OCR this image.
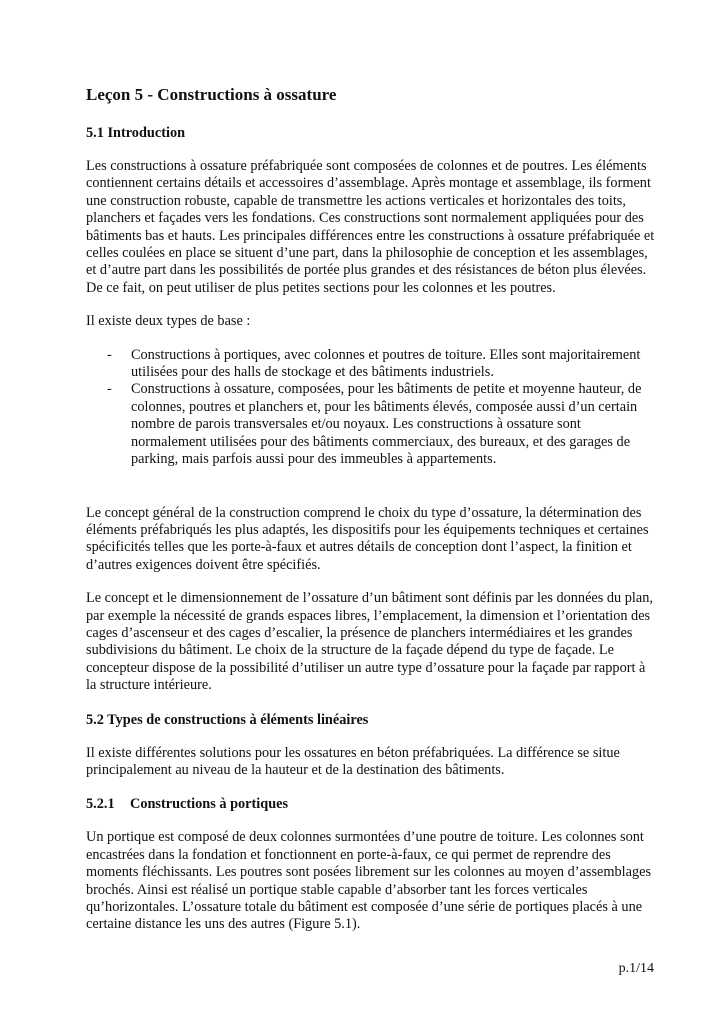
Leçon 5 - Constructions à ossature
5.1 Introduction

Les constructions à ossature préfabriquée sont composées de colonnes et de poutres. Les éléments contiennent certains détails et accessoires d’assemblage. Après montage et assemblage, ils forment une construction robuste, capable de transmettre les actions verticales et horizontales des toits, planchers et façades vers les fondations. Ces constructions sont normalement appliquées pour des bâtiments bas et hauts. Les principales différences entre les constructions à ossature préfabriquée et celles coulées en place se situent d’une part, dans la philosophie de conception et les assemblages, et d’autre part dans les possibilités de portée plus grandes et des résistances de béton plus élevées. De ce fait, on peut utiliser de plus petites sections pour les colonnes et les poutres.

Il existe deux types de base :

-	Constructions à portiques, avec colonnes et poutres de toiture. Elles sont majoritairement utilisées pour des halls de stockage et des bâtiments industriels.
-	Constructions à ossature, composées, pour les bâtiments de petite et moyenne hauteur, de colonnes, poutres et planchers et, pour les bâtiments élevés, composée aussi d’un certain nombre de parois transversales et/ou noyaux. Les constructions à ossature sont normalement utilisées pour des bâtiments commerciaux, des bureaux, et des garages de parking, mais parfois aussi pour des immeubles à appartements.

Le concept général de la construction comprend le choix du type d’ossature, la détermination des éléments préfabriqués les plus adaptés, les dispositifs pour les équipements techniques et certaines spécificités telles que les porte-à-faux et autres détails de conception dont l’aspect, la finition et d’autres exigences doivent être spécifiés.

Le concept et le dimensionnement de l’ossature d’un bâtiment sont définis par les données du plan, par exemple la nécessité de grands espaces libres, l’emplacement, la dimension et l’orientation des cages d’ascenseur et des cages d’escalier, la présence de planchers intermédiaires et les grandes subdivisions du bâtiment. Le choix de la structure de la façade dépend du type de façade. Le concepteur dispose de la possibilité d’utiliser un autre type d’ossature pour la façade par rapport à la structure intérieure.

5.2 Types de constructions à éléments linéaires

Il existe différentes solutions pour les ossatures en béton préfabriquées. La différence se situe principalement au niveau de la hauteur et de la destination des bâtiments.

5.2.1	Constructions à portiques

Un portique est composé de deux colonnes surmontées d’une poutre de toiture. Les colonnes sont encastrées dans la fondation et fonctionnent en porte-à-faux, ce qui permet de reprendre des moments fléchissants. Les poutres sont posées librement sur les colonnes au moyen d’assemblages brochés. Ainsi est réalisé un portique stable capable d’absorber tant les forces verticales qu’horizontales. L’ossature totale du bâtiment est composée d’une série de portiques placés à une certaine distance les uns des autres (Figure 5.1).

p.1/14
